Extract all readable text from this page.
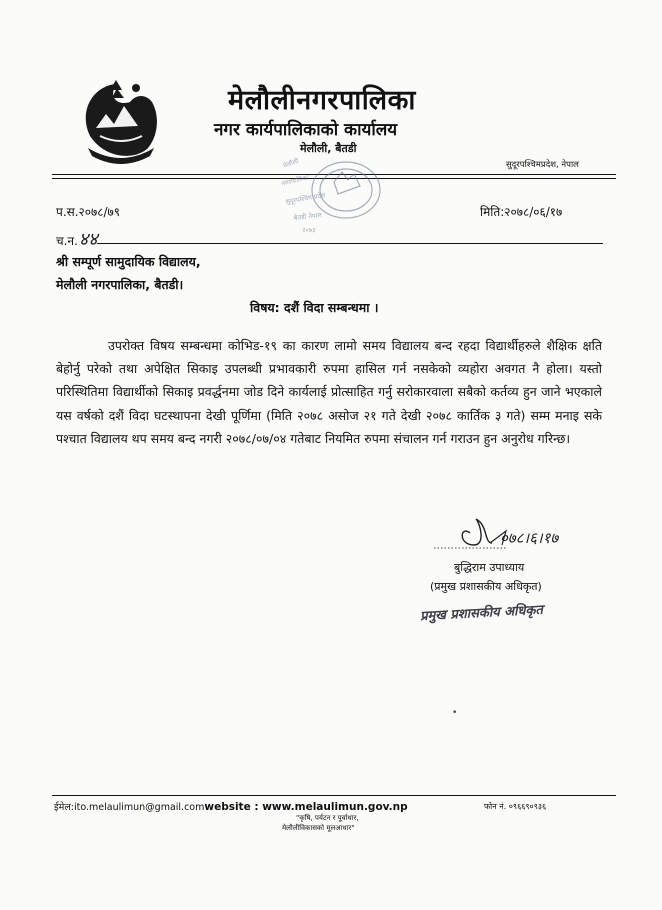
मेलौलीनगरपालिका
नगर कार्यपालिकाको कार्यालय
मेलौली, बैतडी
सुदूरपश्चिमप्रदेश, नेपाल
मेलौली
नगरपालिका
सुदूरपश्चिम प्रदेश
बैतडी नेपाल
२०७३
प.स.२०७८/७९	मिति:२०७८/०६/१७
च.न.४४
श्री सम्पूर्ण सामुदायिक विद्यालय,
मेलौली नगरपालिका, बैतडी।
विषय: दशैं विदा सम्बन्धमा ।
उपरोक्त विषय सम्बन्धमा कोभिड-१९ का कारण लामो समय विद्यालय बन्द रहदा विद्यार्थीहरुले शैक्षिक क्षति बेहोर्नु परेको तथा अपेक्षित सिकाइ उपलब्धी प्रभावकारी रुपमा हासिल गर्न नसकेको व्यहोरा अवगत नै होला। यस्तो परिस्थितिमा विद्यार्थीको सिकाइ प्रवर्द्धनमा जोड दिने कार्यलाई प्रोत्साहित गर्नु सरोकारवाला सबैको कर्तव्य हुन जाने भएकाले यस वर्षको दशैं विदा घटस्थापना देखी पूर्णिमा (मिति २०७८ असोज २१ गते देखी २०७८ कार्तिक ३ गते) सम्म मनाइ सके पश्चात विद्यालय थप समय बन्द नगरी २०७८/०७/०४ गतेबाट नियमित रुपमा संचालन गर्न गराउन हुन अनुरोध गरिन्छ।
०७८।६।१७
बुद्धिराम उपाध्याय
(प्रमुख प्रशासकीय अधिकृत)
प्रमुख प्रशासकीय अधिकृत
•
ईमेल:ito.melaulimun@gmail.comwebsite : www.melaulimun.gov.np	फोन नं. ०९६६९०९३६
"कृषि, पर्यटन र पूर्वाधार,
मेलौलीविकासको मूलआधार"
